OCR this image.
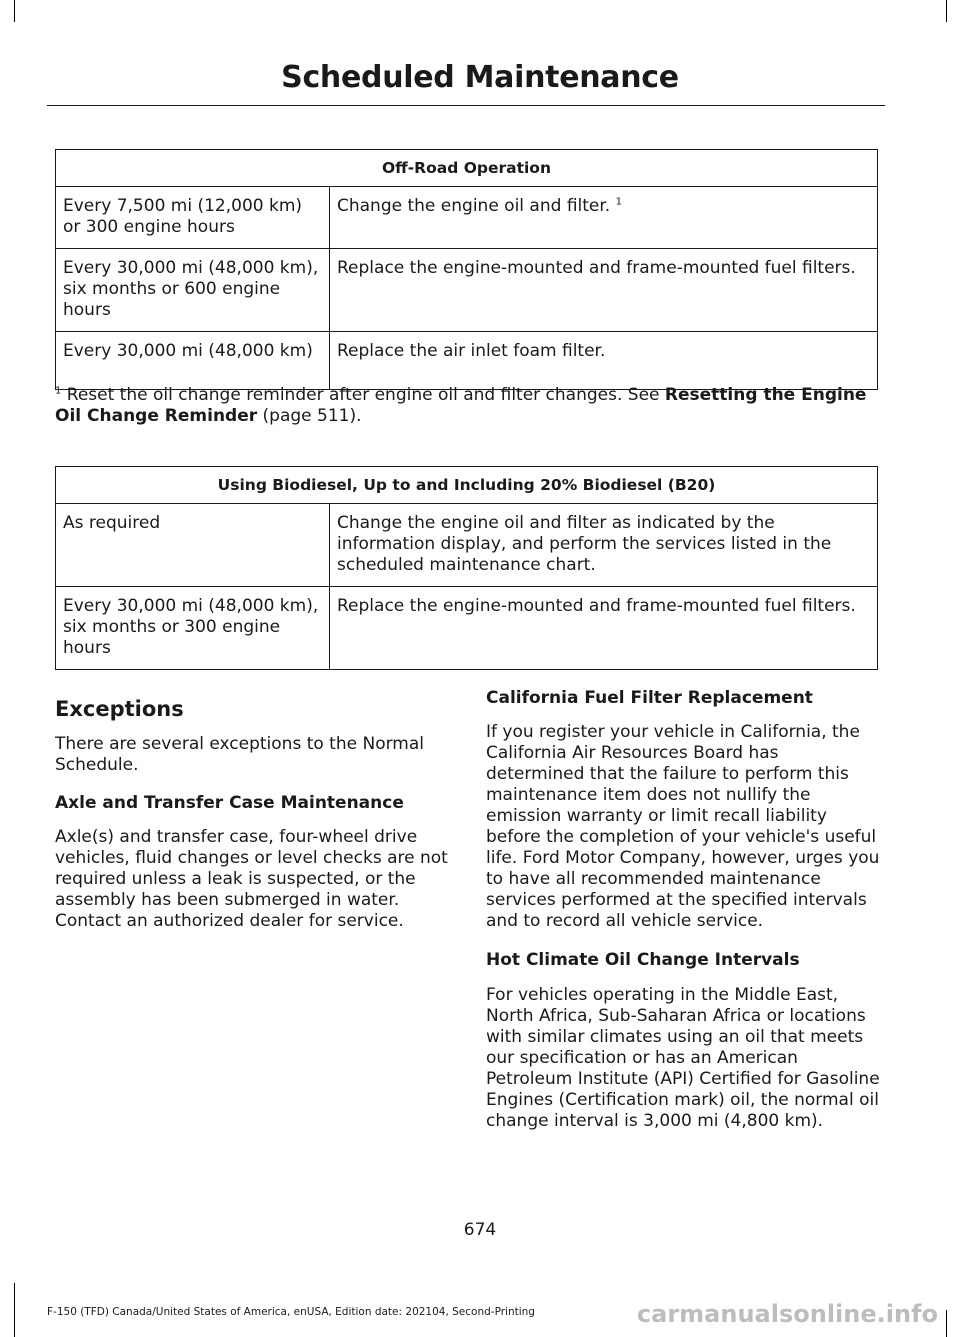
Scheduled Maintenance
Off-Road Operation	
Every 7,500 mi (12,000 km) or 300 engine hours	Change the engine oil and filter. $^1$
Every 30,000 mi (48,000 km), six months or 600 engine hours	Replace the engine-mounted and frame-mounted fuel filters.
Every 30,000 mi (48,000 km)	Replace the air inlet foam filter.
$^1$ Reset the oil change reminder after engine oil and filter changes. See Resetting the Engine Oil Change Reminder (page 511).
Using Biodiesel, Up to and Including 20% Biodiesel (B20)	
As required	Change the engine oil and filter as indicated by the information display, and perform the services listed in the scheduled maintenance chart.
Every 30,000 mi (48,000 km), six months or 300 engine hours	Replace the engine-mounted and frame-mounted fuel filters.

Exceptions

There are several exceptions to the Normal Schedule.

Axle and Transfer Case Maintenance

Axle(s) and transfer case, four-wheel drive vehicles, fluid changes or level checks are not required unless a leak is suspected, or the assembly has been submerged in water. Contact an authorized dealer for service.

California Fuel Filter Replacement

If you register your vehicle in California, the California Air Resources Board has determined that the failure to perform this maintenance item does not nullify the emission warranty or limit recall liability before the completion of your vehicle's useful life. Ford Motor Company, however, urges you to have all recommended maintenance services performed at the specified intervals and to record all vehicle service.

Hot Climate Oil Change Intervals

For vehicles operating in the Middle East, North Africa, Sub-Saharan Africa or locations with similar climates using an oil that meets our specification or has an American Petroleum Institute (API) Certified for Gasoline Engines (Certification mark) oil, the normal oil change interval is 3,000 mi (4,800 km).

674
F-150 (TFD) Canada/United States of America, enUSA, Edition date: 202104, Second-Printing	carmanualsonline.info
